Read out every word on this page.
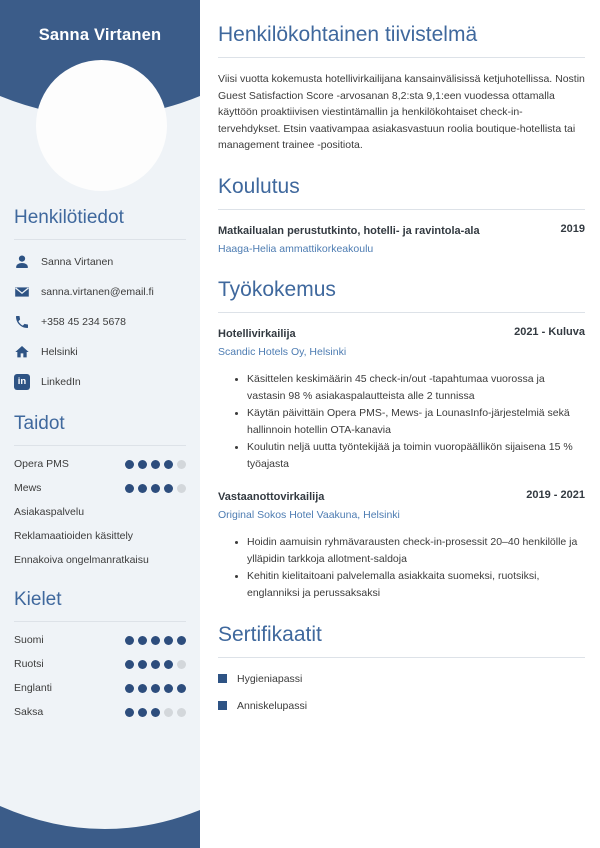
Sanna Virtanen
Henkilötiedot
Sanna Virtanen
sanna.virtanen@email.fi
+358 45 234 5678
Helsinki
in	LinkedIn
Taidot
Opera PMS
Mews
Asiakaspalvelu
Reklamaatioiden käsittely
Ennakoiva ongelmanratkaisu
Kielet
Suomi
Ruotsi
Englanti
Saksa
Henkilökohtainen tiivistelmä

Viisi vuotta kokemusta hotellivirkailijana kansainvälisissä ketjuhotellissa. Nostin Guest Satisfaction Score -arvosanan 8,2:sta 9,1:een vuodessa ottamalla käyttöön proaktiivisen viestintämallin ja henkilökohtaiset check-in-tervehdykset. Etsin vaativampaa asiakasvastuun roolia boutique-hotellista tai management trainee -positiota.

Koulutus
Matkailualan perustutkinto, hotelli- ja ravintola-ala	2019
Haaga-Helia ammattikorkeakoulu
Työkokemus
Hotellivirkailija	2021 - Kuluva
Scandic Hotels Oy, Helsinki
• Käsittelen keskimäärin 45 check-in/out -tapahtumaa vuorossa ja vastasin 98 % asiakaspalautteista alle 2 tunnissa
• Käytän päivittäin Opera PMS-, Mews- ja LounasInfo-järjestelmiä sekä hallinnoin hotellin OTA-kanavia
• Koulutin neljä uutta työntekijää ja toimin vuoropäällikön sijaisena 15 % työajasta
Vastaanottovirkailija	2019 - 2021
Original Sokos Hotel Vaakuna, Helsinki
• Hoidin aamuisin ryhmävarausten check-in-prosessit 20–40 henkilölle ja ylläpidin tarkkoja allotment-saldoja
• Kehitin kielitaitoani palvelemalla asiakkaita suomeksi, ruotsiksi, englanniksi ja perussaksaksi
Sertifikaatit
Hygieniapassi
Anniskelupassi
